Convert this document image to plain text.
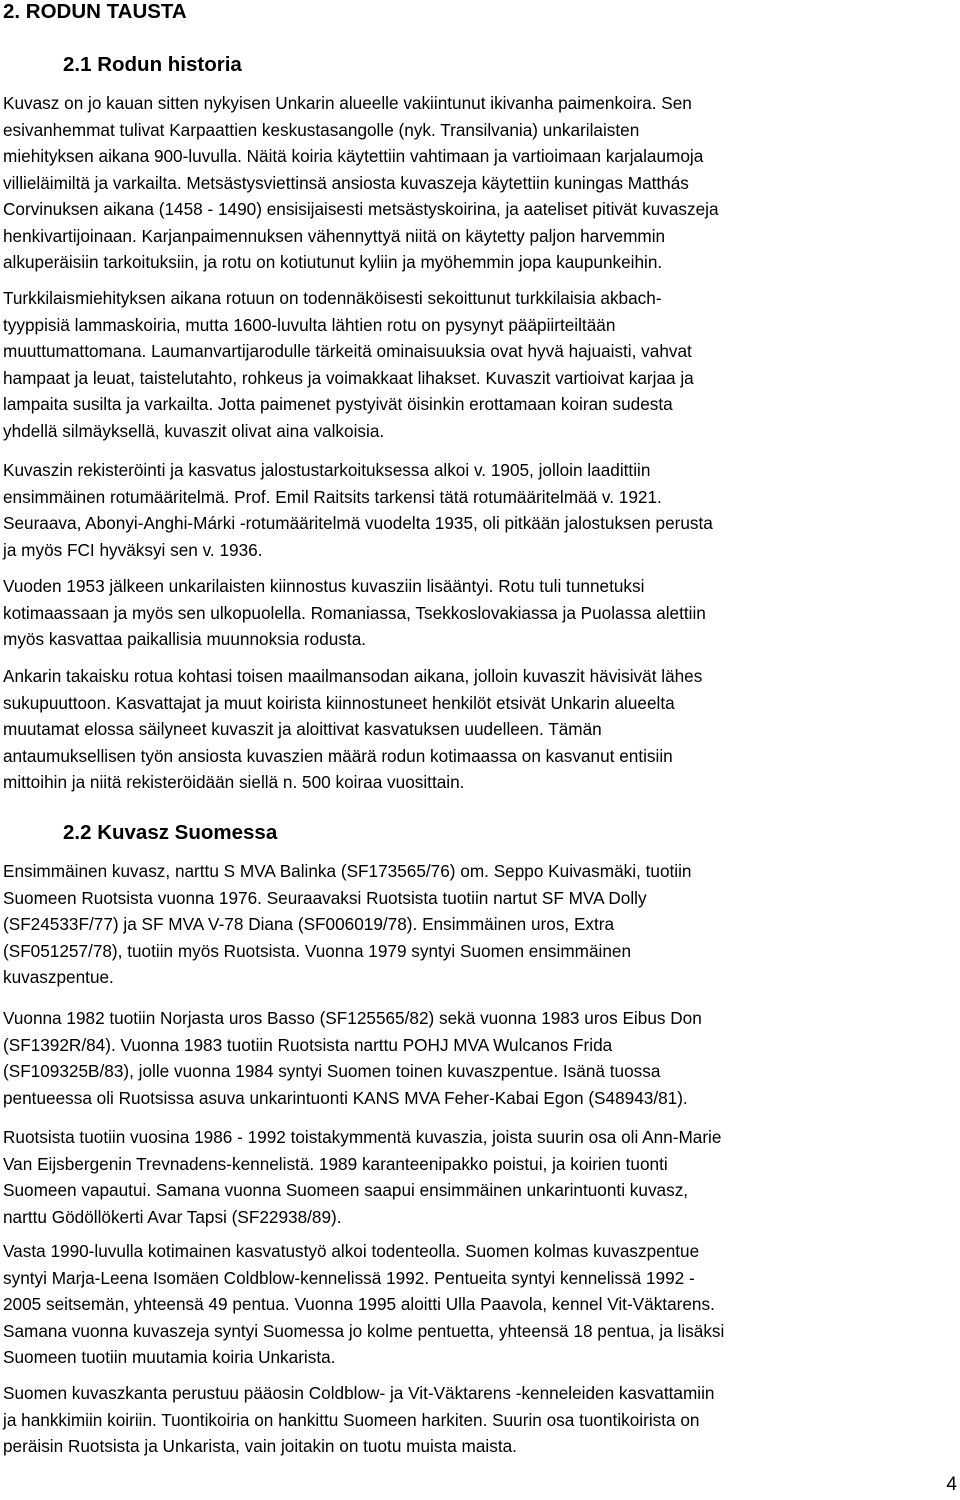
2. RODUN TAUSTA
2.1 Rodun historia

Kuvasz on jo kauan sitten nykyisen Unkarin alueelle vakiintunut ikivanha paimenkoira. Sen
esivanhemmat tulivat Karpaattien keskustasangolle (nyk. Transilvania) unkarilaisten
miehityksen aikana 900-luvulla. Näitä koiria käytettiin vahtimaan ja vartioimaan karjalaumoja
villieläimiltä ja varkailta. Metsästysviettinsä ansiosta kuvaszeja käytettiin kuningas Matthás
Corvinuksen aikana (1458 - 1490) ensisijaisesti metsästyskoirina, ja aateliset pitivät kuvaszeja
henkivartijoinaan. Karjanpaimennuksen vähennyttyä niitä on käytetty paljon harvemmin
alkuperäisiin tarkoituksiin, ja rotu on kotiutunut kyliin ja myöhemmin jopa kaupunkeihin.

Turkkilaismiehityksen aikana rotuun on todennäköisesti sekoittunut turkkilaisia akbach-
tyyppisiä lammaskoiria, mutta 1600-luvulta lähtien rotu on pysynyt pääpiirteiltään
muuttumattomana. Laumanvartijarodulle tärkeitä ominaisuuksia ovat hyvä hajuaisti, vahvat
hampaat ja leuat, taistelutahto, rohkeus ja voimakkaat lihakset. Kuvaszit vartioivat karjaa ja
lampaita susilta ja varkailta. Jotta paimenet pystyivät öisinkin erottamaan koiran sudesta
yhdellä silmäyksellä, kuvaszit olivat aina valkoisia.

Kuvaszin rekisteröinti ja kasvatus jalostustarkoituksessa alkoi v. 1905, jolloin laadittiin
ensimmäinen rotumääritelmä. Prof. Emil Raitsits tarkensi tätä rotumääritelmää v. 1921.
Seuraava, Abonyi-Anghi-Márki -rotumääritelmä vuodelta 1935, oli pitkään jalostuksen perusta
ja myös FCI hyväksyi sen v. 1936.

Vuoden 1953 jälkeen unkarilaisten kiinnostus kuvasziin lisääntyi. Rotu tuli tunnetuksi
kotimaassaan ja myös sen ulkopuolella. Romaniassa, Tsekkoslovakiassa ja Puolassa alettiin
myös kasvattaa paikallisia muunnoksia rodusta.

Ankarin takaisku rotua kohtasi toisen maailmansodan aikana, jolloin kuvaszit hävisivät lähes
sukupuuttoon. Kasvattajat ja muut koirista kiinnostuneet henkilöt etsivät Unkarin alueelta
muutamat elossa säilyneet kuvaszit ja aloittivat kasvatuksen uudelleen. Tämän
antaumuksellisen työn ansiosta kuvaszien määrä rodun kotimaassa on kasvanut entisiin
mittoihin ja niitä rekisteröidään siellä n. 500 koiraa vuosittain.

2.2 Kuvasz Suomessa

Ensimmäinen kuvasz, narttu S MVA Balinka (SF173565/76) om. Seppo Kuivasmäki, tuotiin
Suomeen Ruotsista vuonna 1976. Seuraavaksi Ruotsista tuotiin nartut SF MVA Dolly
(SF24533F/77) ja SF MVA V-78 Diana (SF006019/78). Ensimmäinen uros, Extra
(SF051257/78), tuotiin myös Ruotsista. Vuonna 1979 syntyi Suomen ensimmäinen
kuvaszpentue.

Vuonna 1982 tuotiin Norjasta uros Basso (SF125565/82) sekä vuonna 1983 uros Eibus Don
(SF1392R/84). Vuonna 1983 tuotiin Ruotsista narttu POHJ MVA Wulcanos Frida
(SF109325B/83), jolle vuonna 1984 syntyi Suomen toinen kuvaszpentue. Isänä tuossa
pentueessa oli Ruotsissa asuva unkarintuonti KANS MVA Feher-Kabai Egon (S48943/81).

Ruotsista tuotiin vuosina 1986 - 1992 toistakymmentä kuvaszia, joista suurin osa oli Ann-Marie
Van Eijsbergenin Trevnadens-kennelistä. 1989 karanteenipakko poistui, ja koirien tuonti
Suomeen vapautui. Samana vuonna Suomeen saapui ensimmäinen unkarintuonti kuvasz,
narttu Gödöllökerti Avar Tapsi (SF22938/89).

Vasta 1990-luvulla kotimainen kasvatustyö alkoi todenteolla. Suomen kolmas kuvaszpentue
syntyi Marja-Leena Isomäen Coldblow-kennelissä 1992. Pentueita syntyi kennelissä 1992 -
2005 seitsemän, yhteensä 49 pentua. Vuonna 1995 aloitti Ulla Paavola, kennel Vit-Väktarens.
Samana vuonna kuvaszeja syntyi Suomessa jo kolme pentuetta, yhteensä 18 pentua, ja lisäksi
Suomeen tuotiin muutamia koiria Unkarista.

Suomen kuvaszkanta perustuu pääosin Coldblow- ja Vit-Väktarens -kenneleiden kasvattamiin
ja hankkimiin koiriin. Tuontikoiria on hankittu Suomeen harkiten. Suurin osa tuontikoirista on
peräisin Ruotsista ja Unkarista, vain joitakin on tuotu muista maista.

4
